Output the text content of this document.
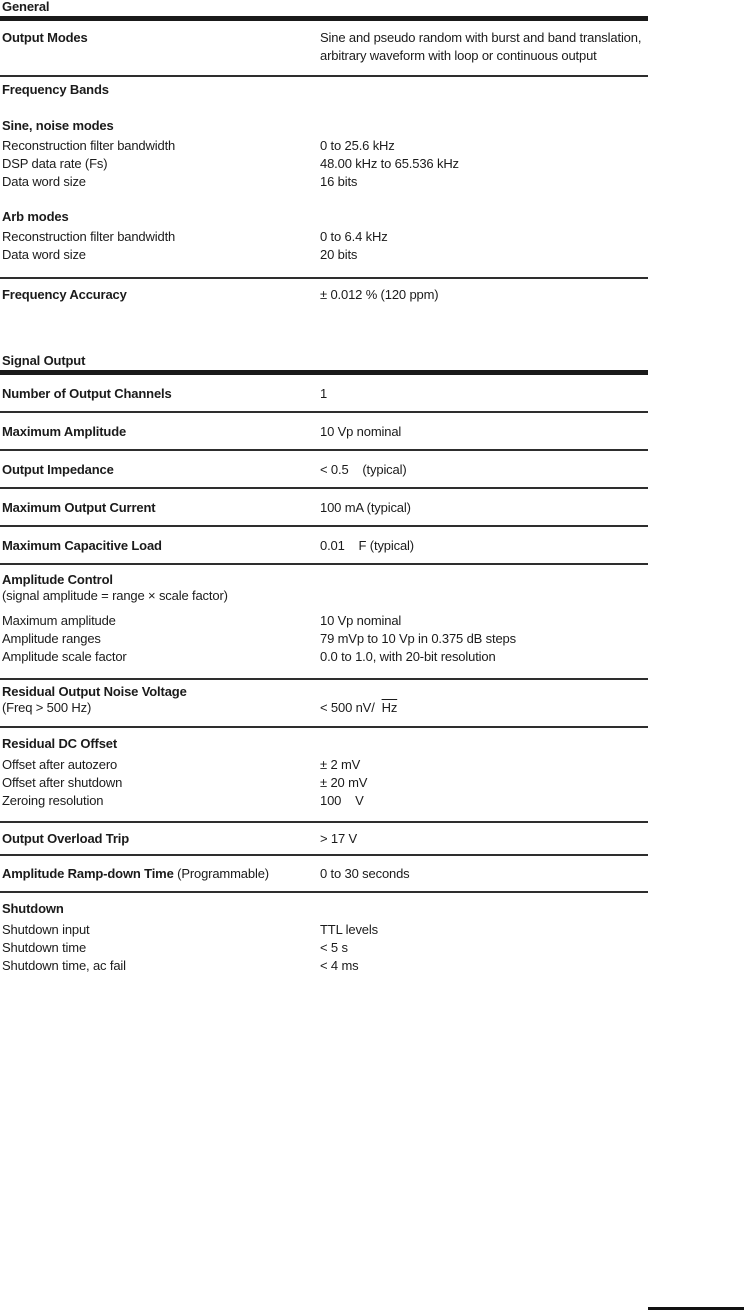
General
Output Modes	Sine and pseudo random with burst and band translation, arbitrary waveform with loop or continuous output
Frequency Bands
Sine, noise modes
Reconstruction filter bandwidth	0 to 25.6 kHz
DSP data rate (Fs)	48.00 kHz to 65.536 kHz
Data word size	16 bits
Arb modes
Reconstruction filter bandwidth	0 to 6.4 kHz
Data word size	20 bits
Frequency Accuracy	± 0.012 % (120 ppm)
Signal Output
Number of Output Channels	1
Maximum Amplitude	10 Vp nominal
Output Impedance	< 0.5    (typical)
Maximum Output Current	100 mA (typical)
Maximum Capacitive Load	0.01    F (typical)
Amplitude Control
(signal amplitude = range × scale factor)
Maximum amplitude	10 Vp nominal
Amplitude ranges	79 mVp to 10 Vp in 0.375 dB steps
Amplitude scale factor	0.0 to 1.0, with 20-bit resolution
Residual Output Noise Voltage
(Freq > 500 Hz)	< 500 nV/  $\overline{Hz}$
Residual DC Offset
Offset after autozero	± 2 mV
Offset after shutdown	± 20 mV
Zeroing resolution	100    V
Output Overload Trip	> 17 V
Amplitude Ramp-down Time (Programmable)	0 to 30 seconds
Shutdown
Shutdown input	TTL levels
Shutdown time	< 5 s
Shutdown time, ac fail	< 4 ms
